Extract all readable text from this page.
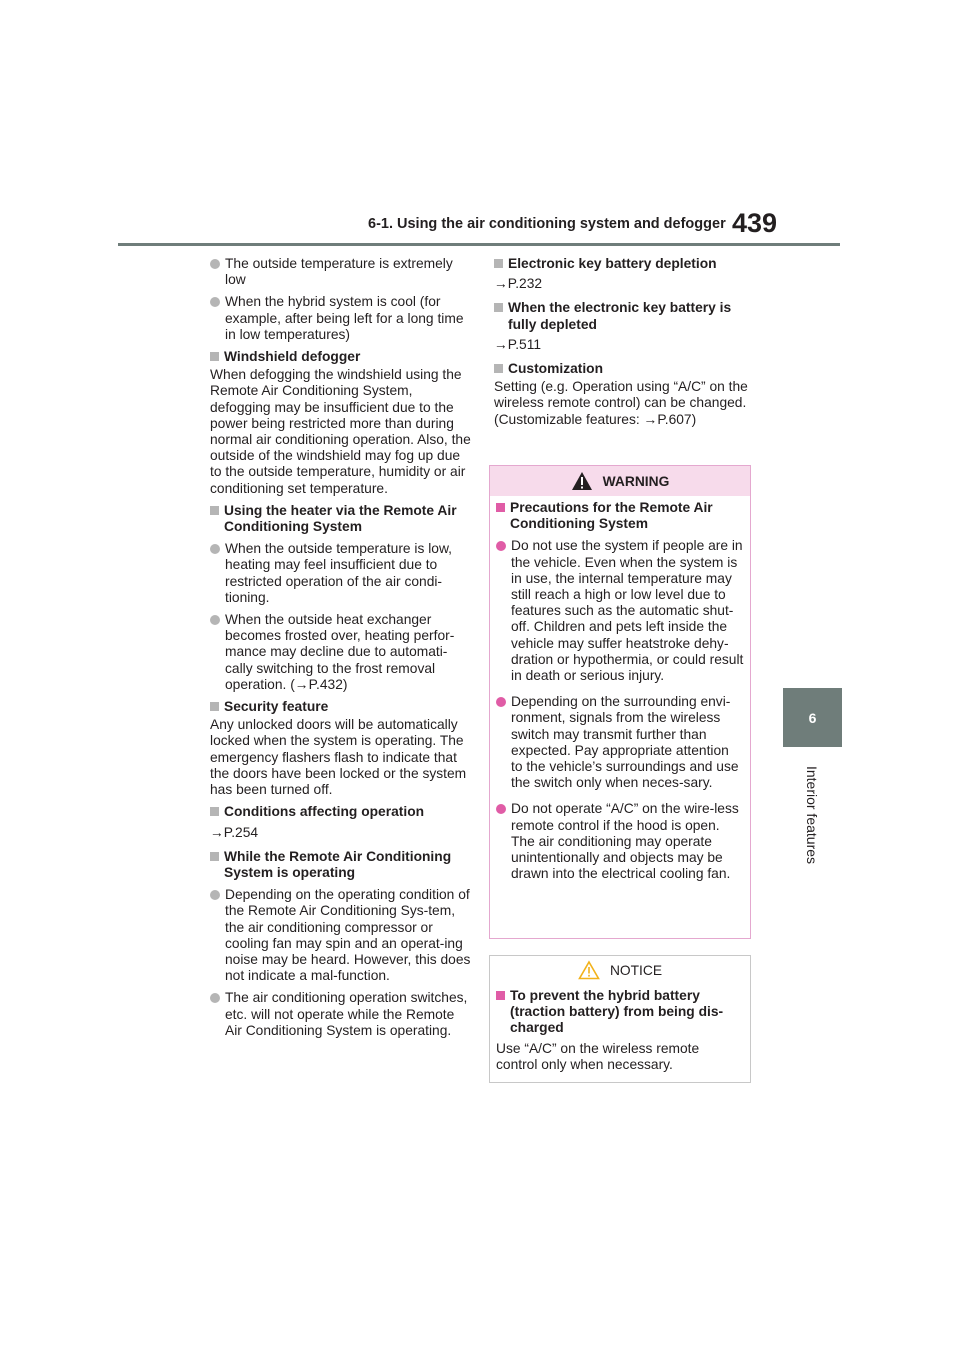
6-1. Using the air conditioning system and defogger 439
6
Interior features

The outside temperature is extremely low

When the hybrid system is cool (for example, after being left for a long time in low temperatures)

Windshield defogger

When defogging the windshield using the Remote Air Conditioning System, defogging may be insufficient due to the power being restricted more than during normal air conditioning operation. Also, the outside of the windshield may fog up due to the outside temperature, humidity or air conditioning set temperature.

Using the heater via the Remote Air Conditioning System

When the outside temperature is low, heating may feel insufficient due to restricted operation of the air condi-tioning.

When the outside heat exchanger becomes frosted over, heating perfor-mance may decline due to automati-cally switching to the frost removal operation. (→P.432)

Security feature

Any unlocked doors will be automatically locked when the system is operating. The emergency flashers flash to indicate that the doors have been locked or the system has been turned off.

Conditions affecting operation

→P.254

While the Remote Air Conditioning System is operating

Depending on the operating condition of the Remote Air Conditioning Sys-tem, the air conditioning compressor or cooling fan may spin and an operat-ing noise may be heard. However, this does not indicate a mal-function.

The air conditioning operation switches, etc. will not operate while the Remote Air Conditioning System is operating.

Electronic key battery depletion

→P.232

When the electronic key battery is fully depleted

→P.511

Customization

Setting (e.g. Operation using “A/C” on the wireless remote control) can be changed. (Customizable features: →P.607)

WARNING

Precautions for the Remote Air Conditioning System

Do not use the system if people are in the vehicle. Even when the system is in use, the internal temperature may still reach a high or low level due to features such as the automatic shut-off. Children and pets left inside the vehicle may suffer heatstroke dehy-dration or hypothermia, or could result in death or serious injury.

Depending on the surrounding envi-ronment, signals from the wireless switch may transmit further than expected. Pay appropriate attention to the vehicle’s surroundings and use the switch only when neces-sary.

Do not operate “A/C” on the wire-less remote control if the hood is open. The air conditioning may operate unintentionally and objects may be drawn into the electrical cooling fan.

NOTICE

To prevent the hybrid battery (traction battery) from being dis-charged

Use “A/C” on the wireless remote control only when necessary.
